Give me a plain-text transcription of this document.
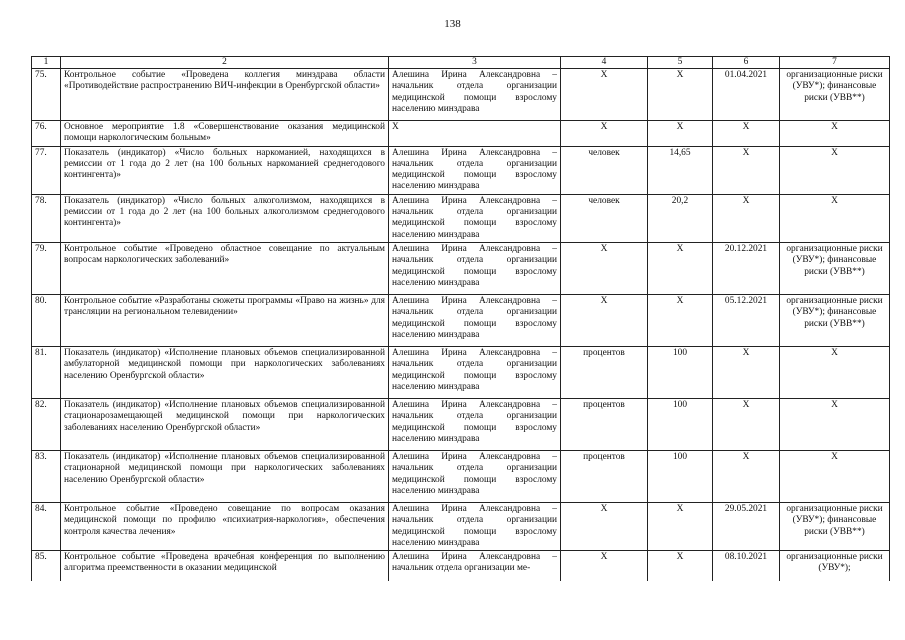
138
1	2	3	4	5	6	7
75.	Контрольное событие «Проведена коллегия минздрава области «Противодействие распространению ВИЧ-инфекции в Оренбургской области»	Алешина Ирина Александровна – начальник отдела организации медицинской помощи взрослому населению минздрава	X	X	01.04.2021	организационные риски (УВУ*); финансовые риски (УВВ**)
76.	Основное мероприятие 1.8 «Совершенствование оказания медицинской помощи наркологическим больным»	X	X	X	X	X
77.	Показатель (индикатор) «Число больных наркоманией, находящихся в ремиссии от 1 года до 2 лет (на 100 больных наркоманией среднегодового контингента)»	Алешина Ирина Александровна – начальник отдела организации медицинской помощи взрослому населению минздрава	человек	14,65	X	X
78.	Показатель (индикатор) «Число больных алкоголизмом, находящихся в ремиссии от 1 года до 2 лет (на 100 больных алкоголизмом среднегодового контингента)»	Алешина Ирина Александровна – начальник отдела организации медицинской помощи взрослому населению минздрава	человек	20,2	X	X
79.	Контрольное событие «Проведено областное совещание по актуальным вопросам наркологических заболеваний»	Алешина Ирина Александровна – начальник отдела организации медицинской помощи взрослому населению минздрава	X	X	20.12.2021	организационные риски (УВУ*); финансовые риски (УВВ**)
80.	Контрольное событие «Разработаны сюжеты программы «Право на жизнь» для трансляции на региональном телевидении»	Алешина Ирина Александровна – начальник отдела организации медицинской помощи взрослому населению минздрава	X	X	05.12.2021	организационные риски (УВУ*); финансовые риски (УВВ**)
81.	Показатель (индикатор) «Исполнение плановых объемов специализированной амбулаторной медицинской помощи при наркологических заболеваниях населению Оренбургской области»	Алешина Ирина Александровна – начальник отдела организации медицинской помощи взрослому населению минздрава	процентов	100	X	X
82.	Показатель (индикатор) «Исполнение плановых объемов специализированной стационарозамещающей медицинской помощи при наркологических заболеваниях населению Оренбургской области»	Алешина Ирина Александровна – начальник отдела организации медицинской помощи взрослому населению минздрава	процентов	100	X	X
83.	Показатель (индикатор) «Исполнение плановых объемов специализированной стационарной медицинской помощи при наркологических заболеваниях населению Оренбургской области»	Алешина Ирина Александровна – начальник отдела организации медицинской помощи взрослому населению минздрава	процентов	100	X	X
84.	Контрольное событие «Проведено совещание по вопросам оказания медицинской помощи по профилю «психиатрия-наркология», обеспечения контроля качества лечения»	Алешина Ирина Александровна – начальник отдела организации медицинской помощи взрослому населению минздрава	X	X	29.05.2021	организационные риски (УВУ*); финансовые риски (УВВ**)
85.	Контрольное событие «Проведена врачебная конференция по выполнению алгоритма преемственности в оказании медицинской	Алешина Ирина Александровна – начальник отдела организации ме-	X	X	08.10.2021	организационные риски (УВУ*);
